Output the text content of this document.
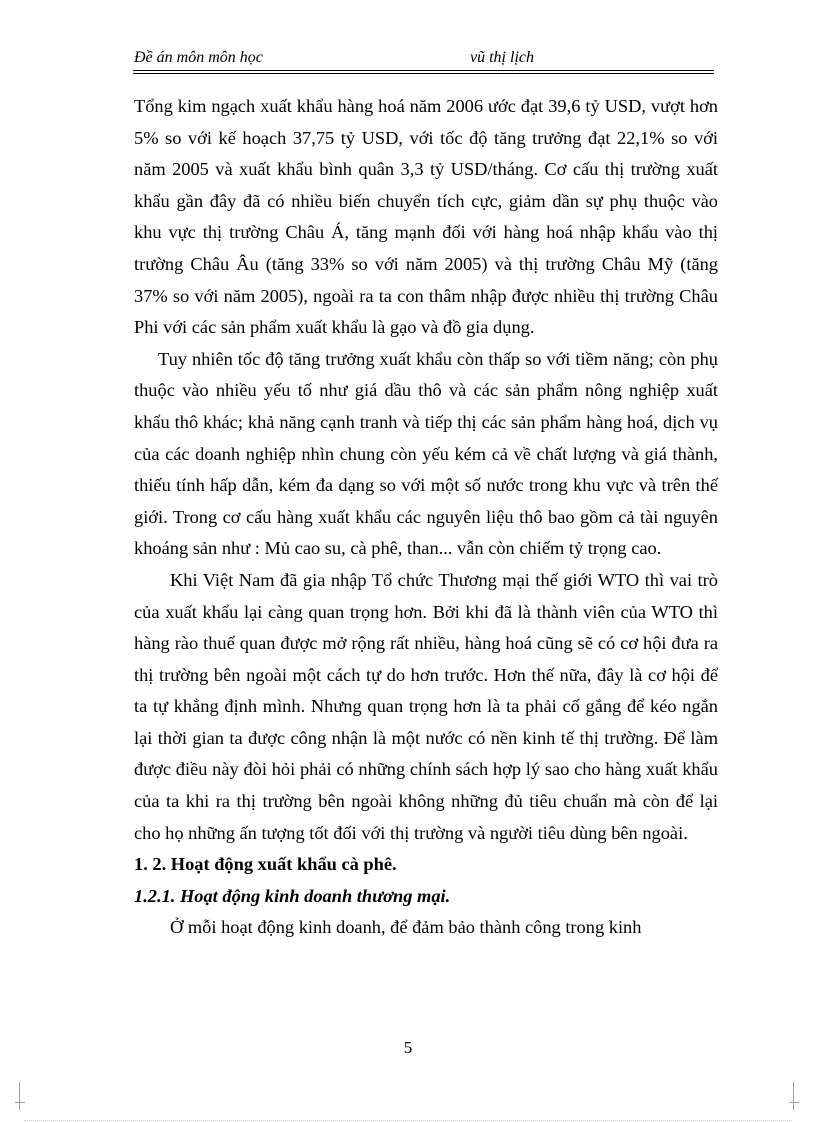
Đề án môn môn học	vũ thị lịch

Tổng kim ngạch xuất khẩu hàng hoá năm 2006 ước đạt 39,6 tỷ USD, vượt hơn 5% so với kế hoạch 37,75 tỷ USD, với tốc độ tăng trưởng đạt 22,1% so với năm 2005 và xuất khẩu bình quân 3,3 tỷ USD/tháng. Cơ cấu thị trường xuất khẩu gần đây đã có nhiều biến chuyển tích cực, giảm dần sự phụ thuộc vào khu vực thị trường Châu Á, tăng mạnh đối với hàng hoá nhập khẩu vào thị trường Châu Âu (tăng 33% so với năm 2005) và thị trường Châu Mỹ (tăng 37% so với năm 2005), ngoài ra ta con thâm nhập được nhiều thị trường Châu Phi với các sản phẩm xuất khẩu là gạo và đồ gia dụng.

Tuy nhiên tốc độ tăng trưởng xuất khẩu còn thấp so với tiềm năng; còn phụ thuộc vào nhiều yếu tố như giá dầu thô và các sản phẩm nông nghiệp xuất khẩu thô khác; khả năng cạnh tranh và tiếp thị các sản phẩm hàng hoá, dịch vụ của các doanh nghiệp nhìn chung còn yếu kém cả về chất lượng và giá thành, thiếu tính hấp dẫn, kém đa dạng so với một số nước trong khu vực và trên thế giới. Trong cơ cấu hàng xuất khẩu các nguyên liệu thô bao gồm cả tài nguyên khoáng sản như : Mủ cao su, cà phê, than... vẫn còn chiếm tỷ trọng cao.

Khi Việt Nam đã gia nhập Tổ chức Thương mại thế giới WTO thì vai trò của xuất khẩu lại càng quan trọng hơn. Bởi khi đã là thành viên của WTO thì hàng rào thuế quan được mở rộng rất nhiều, hàng hoá cũng sẽ có cơ hội đưa ra thị trường bên ngoài một cách tự do hơn trước. Hơn thế nữa, đây là cơ hội để ta tự khẳng định mình. Nhưng quan trọng hơn là ta phải cố gắng để kéo ngắn lại thời gian ta được công nhận là một nước có nền kinh tế thị trường. Để làm được điều này đòi hỏi phải có những chính sách hợp lý sao cho hàng xuất khẩu của ta khi ra thị trường bên ngoài không những đủ tiêu chuẩn mà còn để lại cho họ những ấn tượng tốt đối với thị trường và người tiêu dùng bên ngoài.

1. 2. Hoạt động xuất khẩu cà phê.

1.2.1. Hoạt động kinh doanh thương mại.

Ở mỗi hoạt động kinh doanh, để đảm bảo thành công trong kinh

5
